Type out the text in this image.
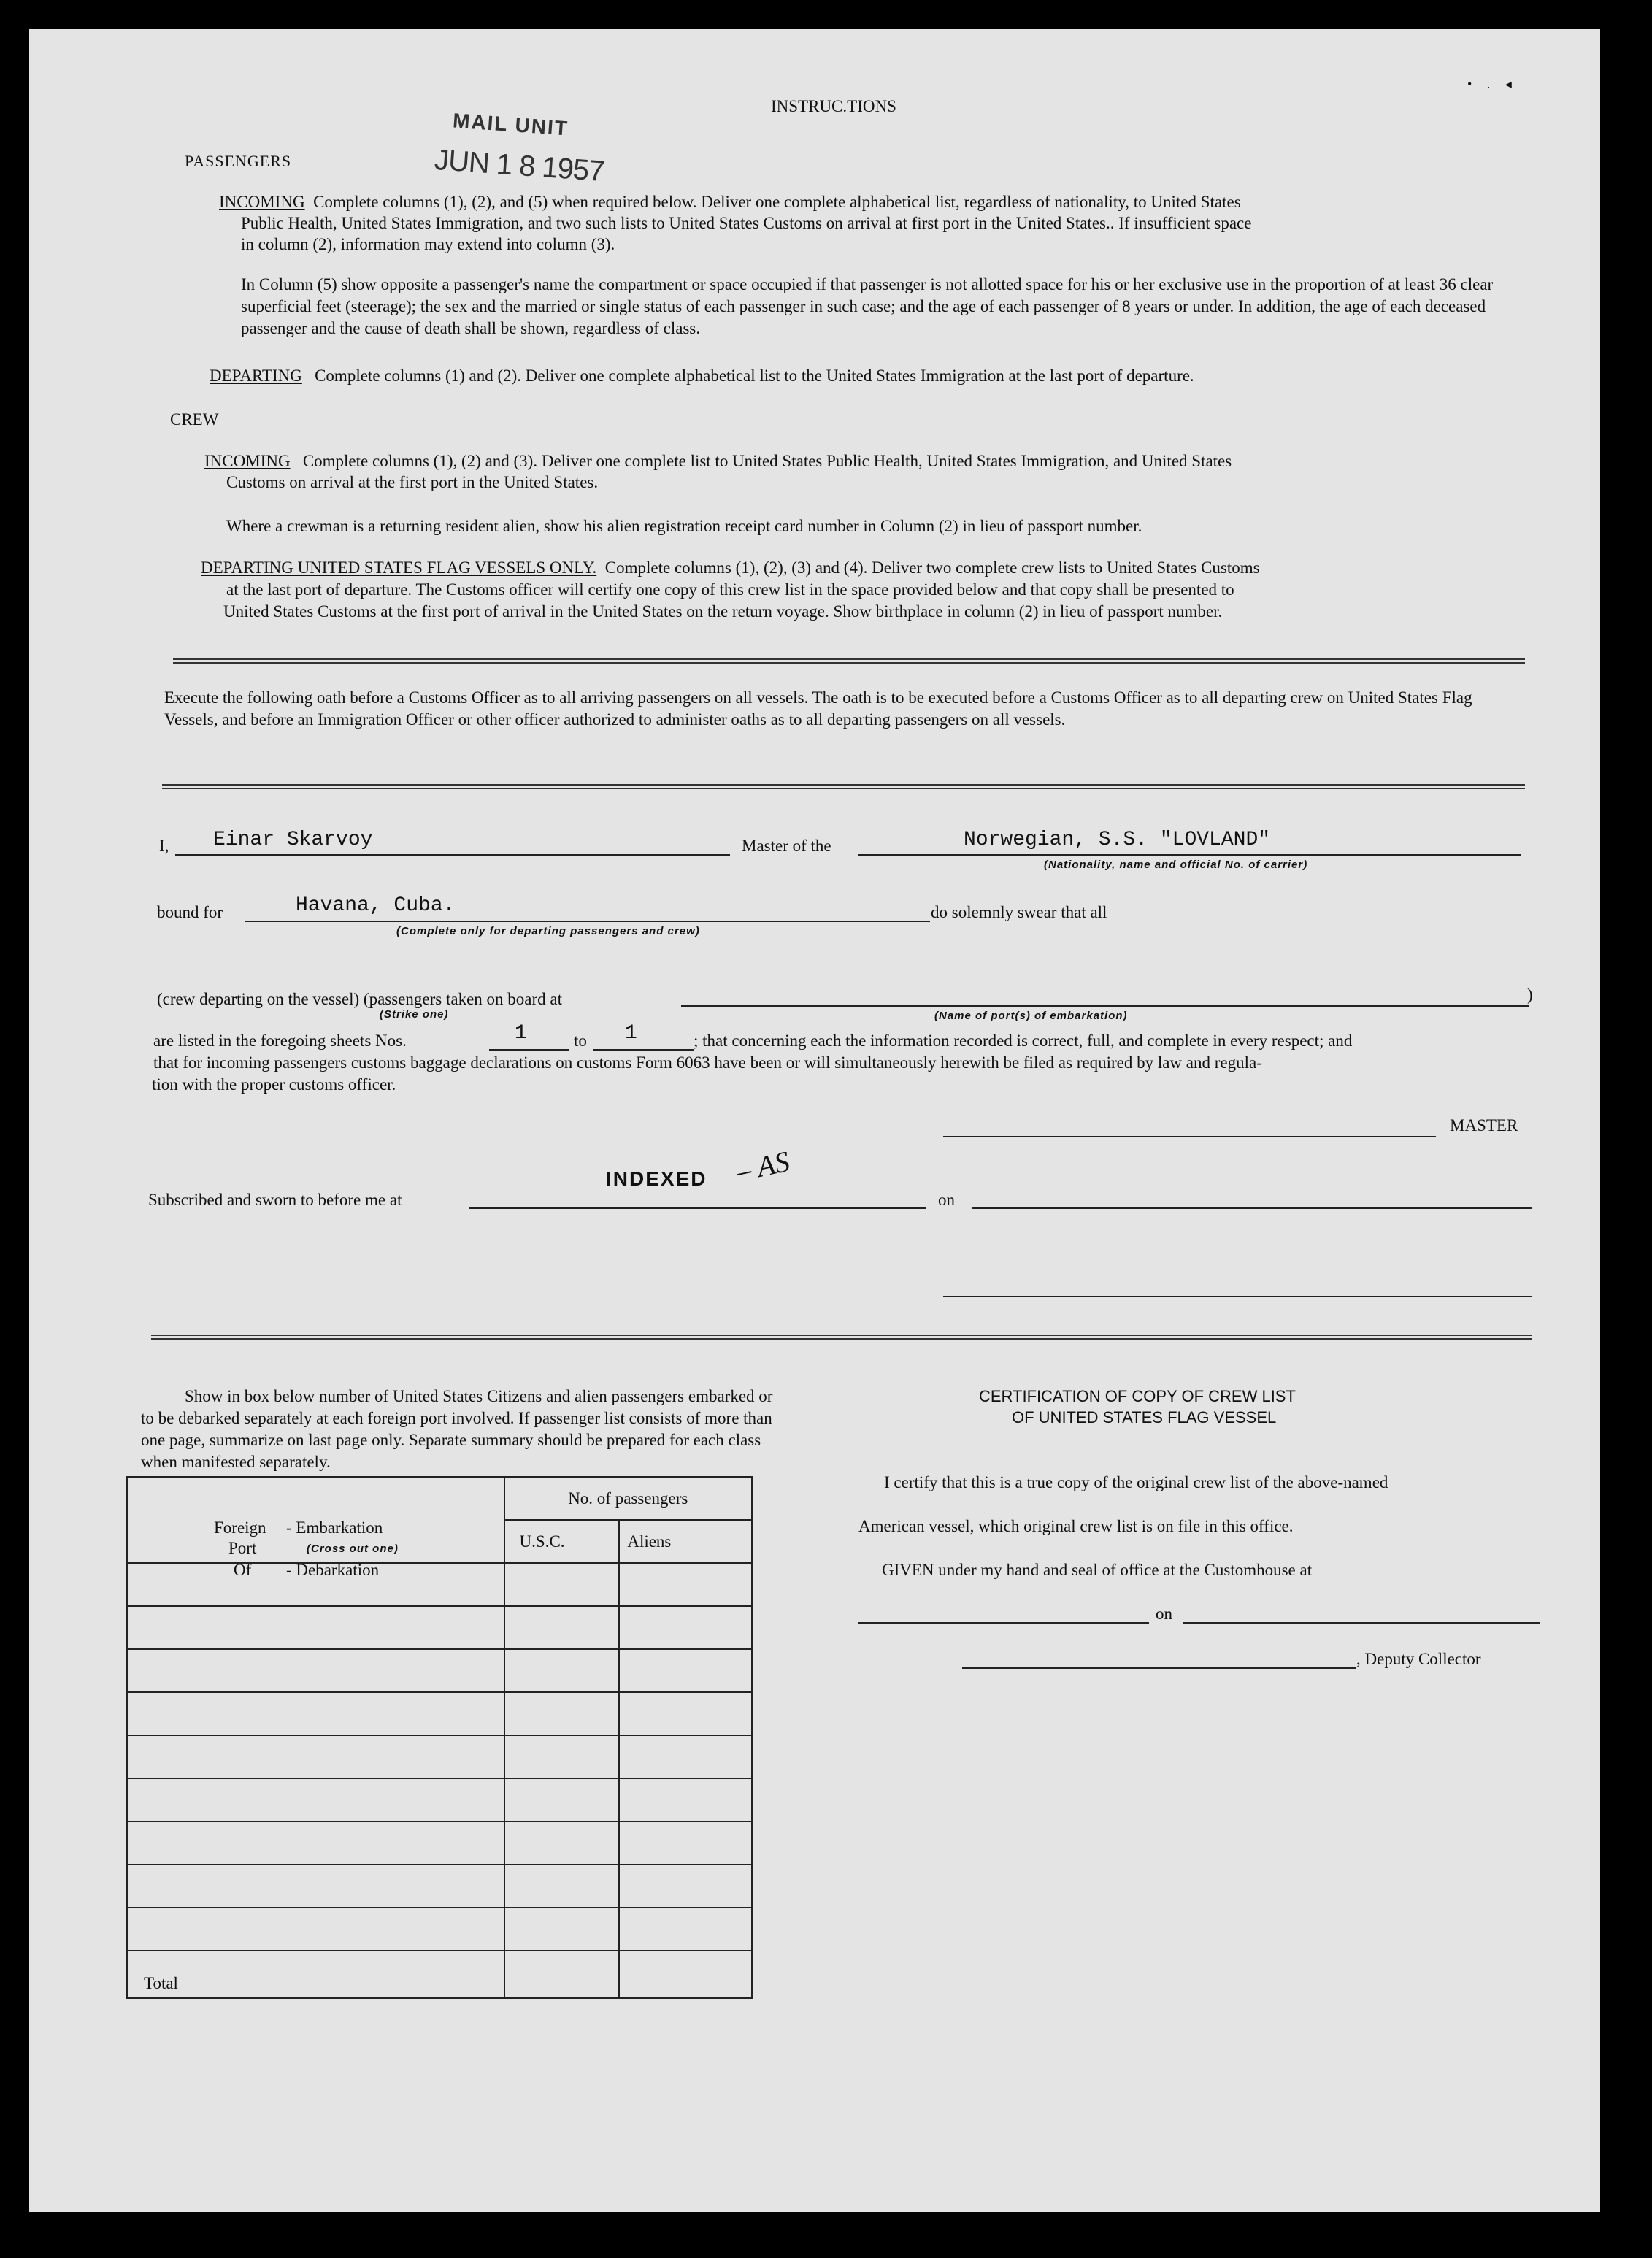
INSTRUC.TIONS
• . ◂
MAIL UNIT
JUN 1 8 1957
PASSENGERS
INCOMING Complete columns (1), (2), and (5) when required below. Deliver one complete alphabetical list, regardless of nationality, to United States
Public Health, United States Immigration, and two such lists to United States Customs on arrival at first port in the United States.. If insufficient space
in column (2), information may extend into column (3).
In Column (5) show opposite a passenger's name the compartment or space occupied if that passenger is not allotted space for his or her exclusive use in the proportion of at least 36 clear superficial feet (steerage); the sex and the married or single status of each passenger in such case; and the age of each passenger of 8 years or under. In addition, the age of each deceased passenger and the cause of death shall be shown, regardless of class.
DEPARTING Complete columns (1) and (2). Deliver one complete alphabetical list to the United States Immigration at the last port of departure.
CREW
INCOMING Complete columns (1), (2) and (3). Deliver one complete list to United States Public Health, United States Immigration, and United States
Customs on arrival at the first port in the United States.
Where a crewman is a returning resident alien, show his alien registration receipt card number in Column (2) in lieu of passport number.
DEPARTING UNITED STATES FLAG VESSELS ONLY. Complete columns (1), (2), (3) and (4). Deliver two complete crew lists to United States Customs
at the last port of departure. The Customs officer will certify one copy of this crew list in the space provided below and that copy shall be presented to
United States Customs at the first port of arrival in the United States on the return voyage. Show birthplace in column (2) in lieu of passport number.
Execute the following oath before a Customs Officer as to all arriving passengers on all vessels. The oath is to be executed before a Customs Officer as to all departing crew on United States Flag Vessels, and before an Immigration Officer or other officer authorized to administer oaths as to all departing passengers on all vessels.
I, Einar Skarvoy	Master of the	Norwegian, S.S. "LOVLAND"
(Nationality, name and official No. of carrier)
bound for	Havana, Cuba.
(Complete only for departing passengers and crew)
do solemnly swear that all
(crew departing on the vessel) (passengers taken on board at
(Strike one)	(Name of port(s) of embarkation)
)
are listed in the foregoing sheets Nos.	1	to 1	; that concerning each the information recorded is correct, full, and complete in every respect; and
that for incoming passengers customs baggage declarations on customs Form 6063 have been or will simultaneously herewith be filed as required by law and regula-
tion with the proper customs officer.
MASTER
INDEXED ‒ AS
Subscribed and sworn to before me at	on
Show in box below number of United States Citizens and alien passengers embarked or to be debarked separately at each foreign port involved. If passenger list consists of more than one page, summarize on last page only. Separate summary should be prepared for each class when manifested separately.
Foreign - Embarkation
Port	(Cross out one)
Of - Debarkation
	No. of passengers	
	U.S.C.	Aliens

Total		
CERTIFICATION OF COPY OF CREW LIST
OF UNITED STATES FLAG VESSEL
I certify that this is a true copy of the original crew list of the above-named
American vessel, which original crew list is on file in this office.
GIVEN under my hand and seal of office at the Customhouse at
on
, Deputy Collector
